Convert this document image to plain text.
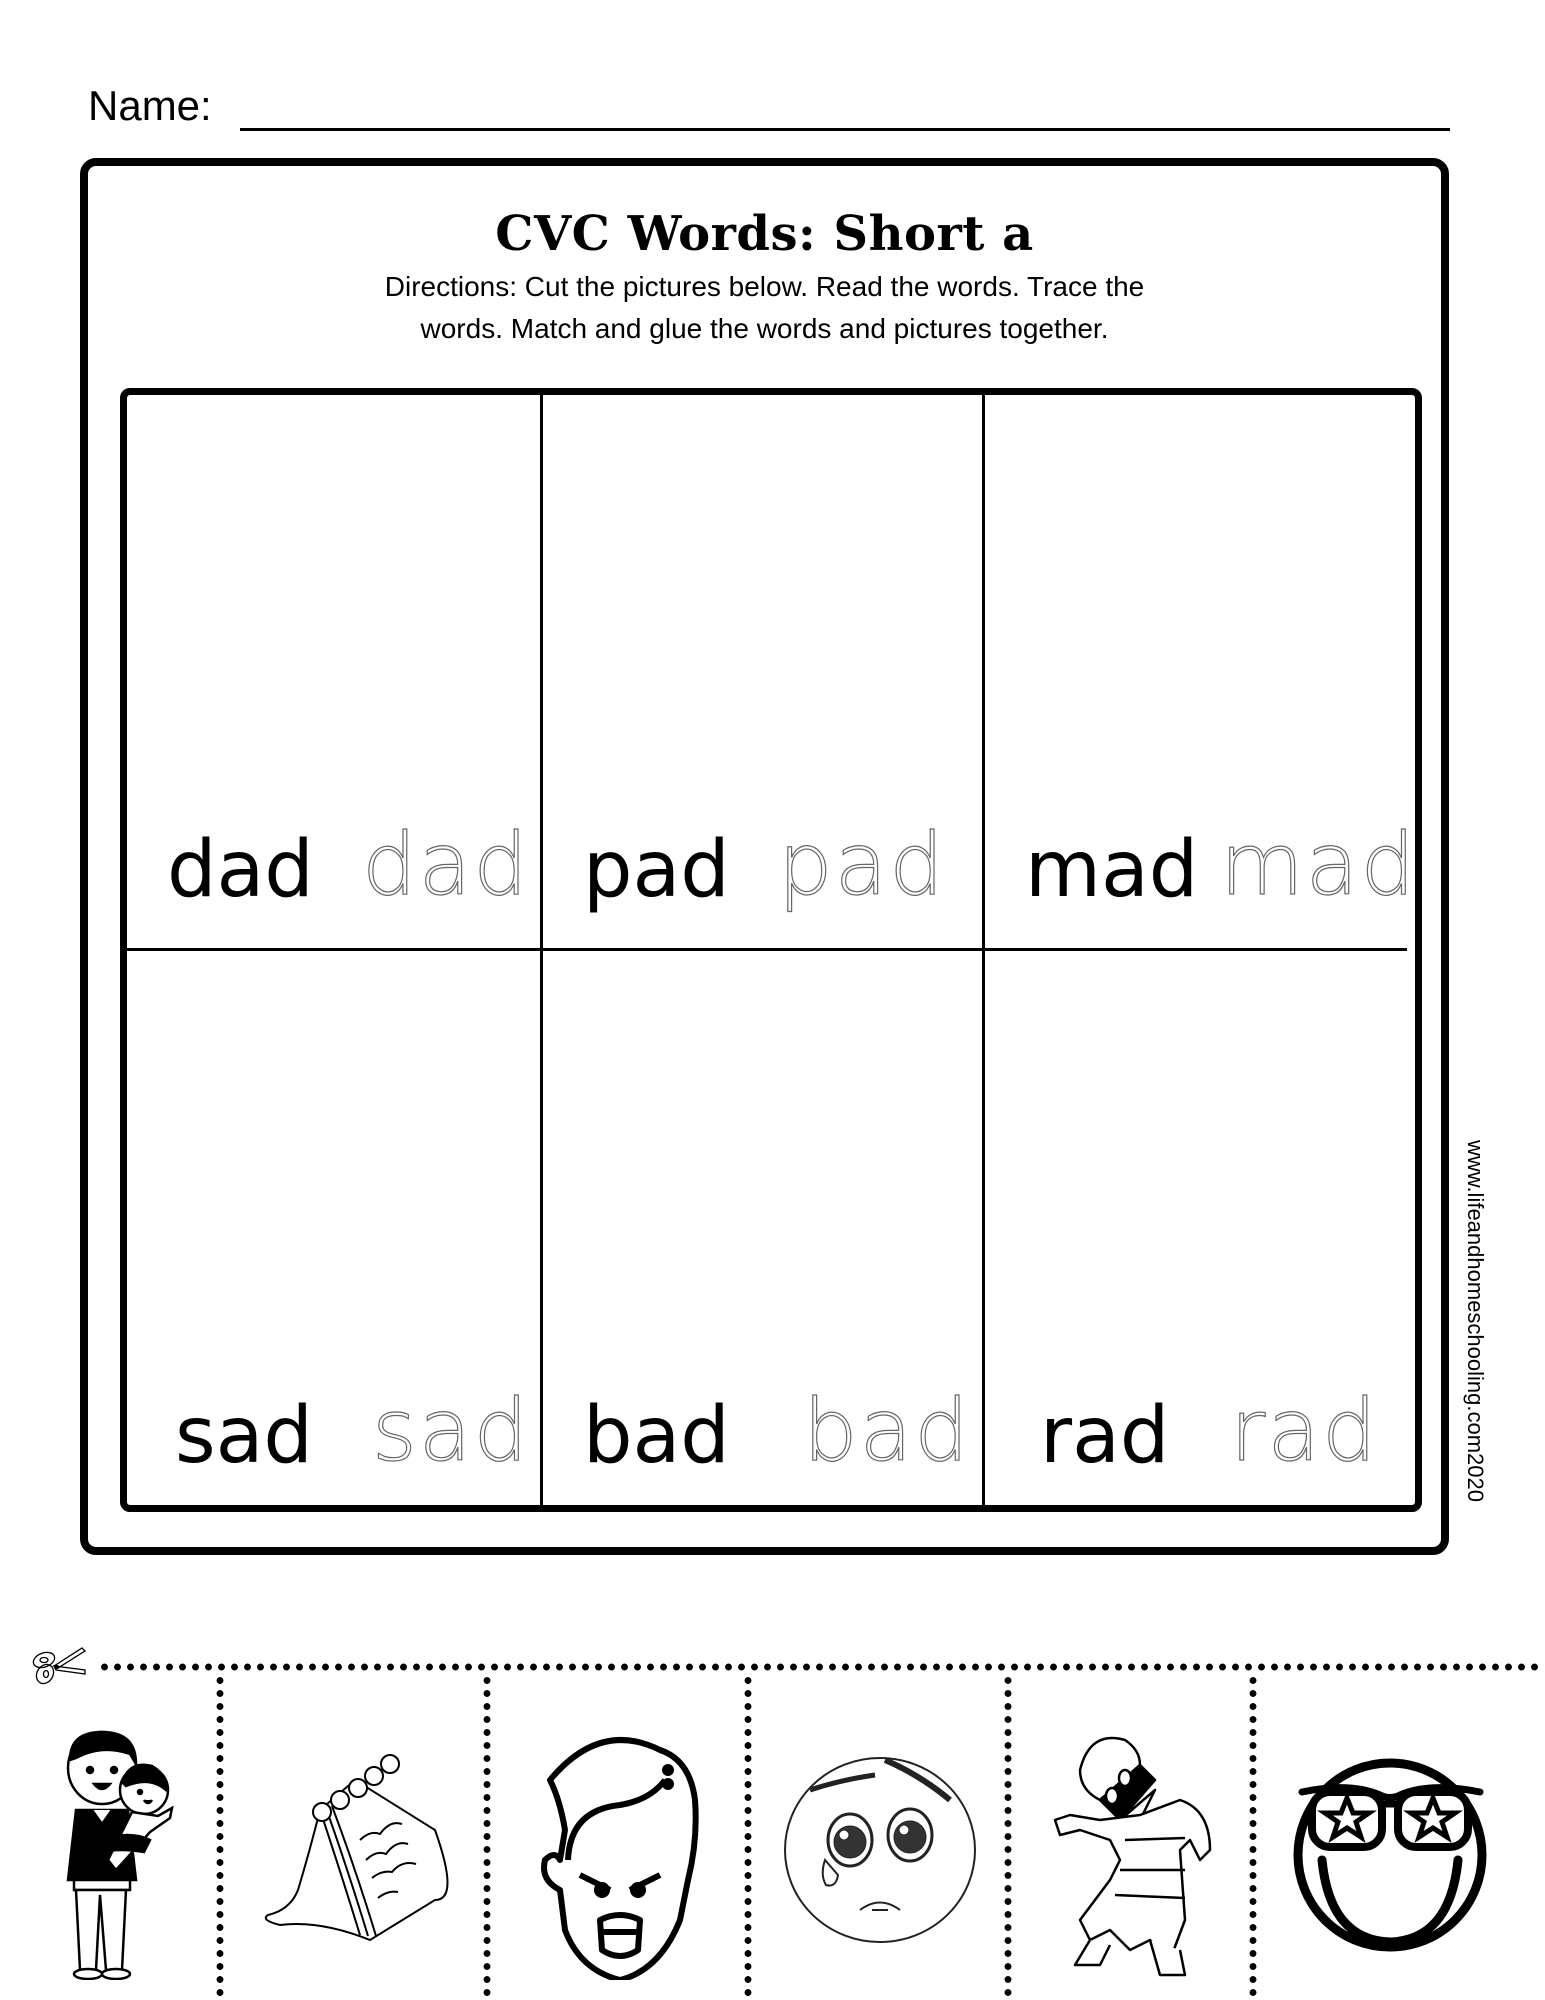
Name:
CVC Words: Short a
Directions: Cut the pictures below. Read the words. Trace the
words. Match and glue the words and pictures together.
dad dad pad pad mad mad
sad sad bad bad rad rad	www.lifeandhomeschooling.com2020
